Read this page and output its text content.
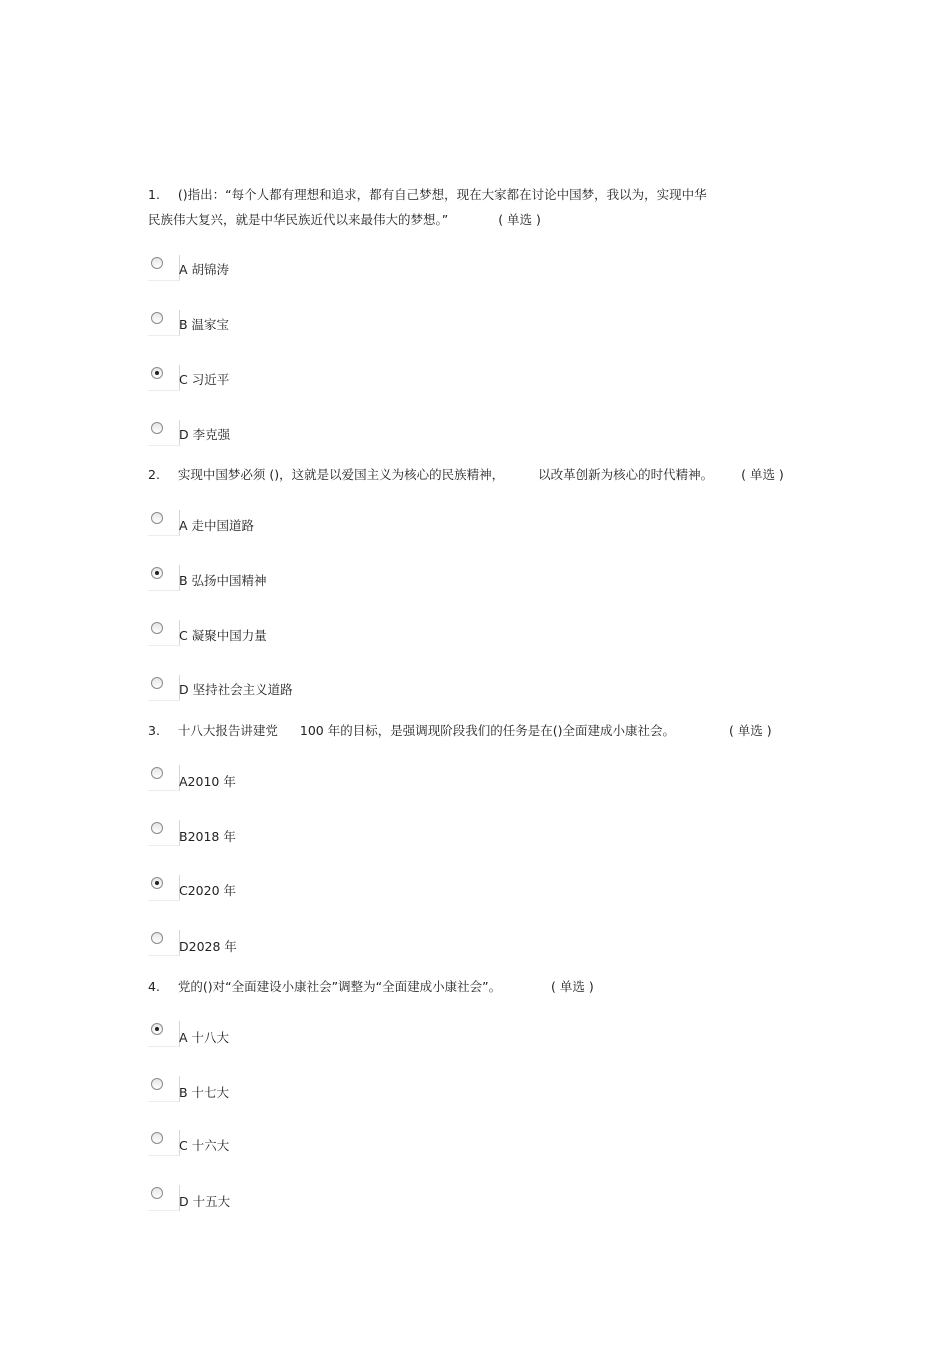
1. ()指出：“每个人都有理想和追求，都有自己梦想，现在大家都在讨论中国梦，我以为，实现中华
民族伟大复兴，就是中华民族近代以来最伟大的梦想。”	( 单选 )
A 胡锦涛
B 温家宝
C 习近平
D 李克强
2. 实现中国梦必须 ()，这就是以爱国主义为核心的民族精神，	以改革创新为核心的时代精神。 ( 单选 )
A 走中国道路
B 弘扬中国精神
C 凝聚中国力量
D 坚持社会主义道路
3. 十八大报告讲建党 100 年的目标，是强调现阶段我们的任务是在()全面建成小康社会。	( 单选 )
A2010 年
B2018 年
C2020 年
D2028 年
4. 党的()对“全面建设小康社会”调整为“全面建成小康社会”。	( 单选 )
A 十八大
B 十七大
C 十六大
D 十五大
